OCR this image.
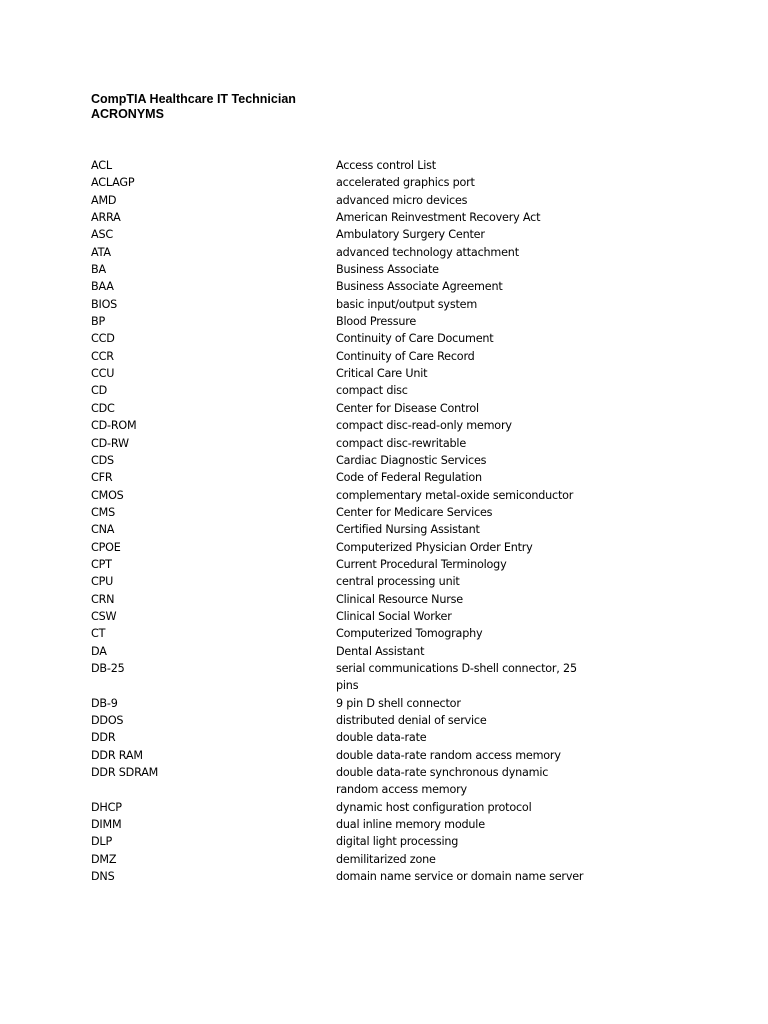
CompTIA Healthcare IT Technician
ACRONYMS
ACL	Access control List
ACLAGP	accelerated graphics port
AMD	advanced micro devices
ARRA	American Reinvestment Recovery Act
ASC	Ambulatory Surgery Center
ATA	advanced technology attachment
BA	Business Associate
BAA	Business Associate Agreement
BIOS	basic input/output system
BP	Blood Pressure
CCD	Continuity of Care Document
CCR	Continuity of Care Record
CCU	Critical Care Unit
CD	compact disc
CDC	Center for Disease Control
CD-ROM	compact disc-read-only memory
CD-RW	compact disc-rewritable
CDS	Cardiac Diagnostic Services
CFR	Code of Federal Regulation
CMOS	complementary metal-oxide semiconductor
CMS	Center for Medicare Services
CNA	Certified Nursing Assistant
CPOE	Computerized Physician Order Entry
CPT	Current Procedural Terminology
CPU	central processing unit
CRN	Clinical Resource Nurse
CSW	Clinical Social Worker
CT	Computerized Tomography
DA	Dental Assistant
DB-25	serial communications D-shell connector, 25 pins
DB-9	9 pin D shell connector
DDOS	distributed denial of service
DDR	double data-rate
DDR RAM	double data-rate random access memory
DDR SDRAM	double data-rate synchronous dynamic random access memory
DHCP	dynamic host configuration protocol
DIMM	dual inline memory module
DLP	digital light processing
DMZ	demilitarized zone
DNS	domain name service or domain name server
